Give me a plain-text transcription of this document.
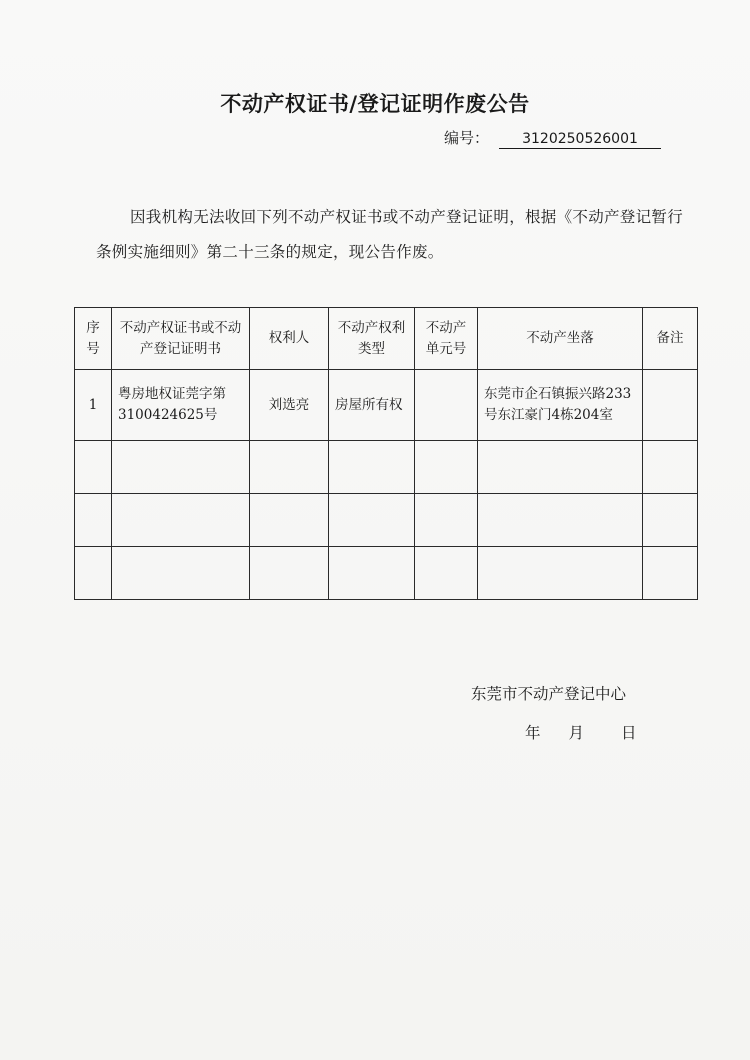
不动产权证书/登记证明作废公告
编号： 3120250526001
因我机构无法收回下列不动产权证书或不动产登记证明，根据《不动产登记暂行条例实施细则》第二十三条的规定，现公告作废。
序号	不动产权证书或不动产登记证明书	权利人	不动产权利类型	不动产单元号	不动产坐落	备注
1	粤房地权证莞字第3100424625号	刘选亮	房屋所有权		东莞市企石镇振兴路233号东江豪门4栋204室	

东莞市不动产登记中心
年 月 日
